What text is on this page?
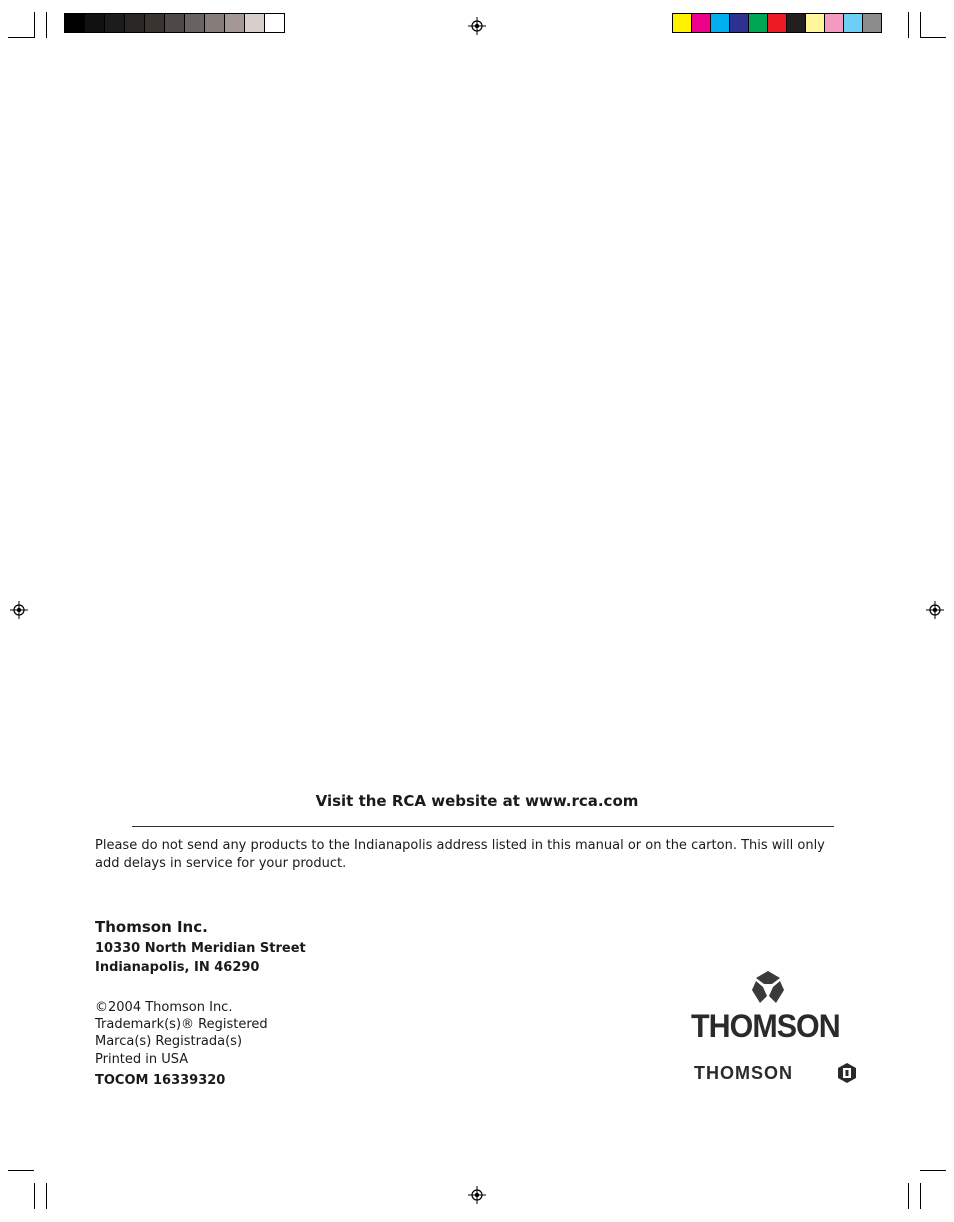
Visit the RCA website at www.rca.com
Please do not send any products to the Indianapolis address listed in this manual or on the carton. This will only add delays in service for your product.
Thomson Inc.
10330 North Meridian Street
Indianapolis, IN 46290
©2004 Thomson Inc.
Trademark(s)® Registered
Marca(s) Registrada(s)
Printed in USA
TOCOM 16339320
THOMSON
THOMSON
